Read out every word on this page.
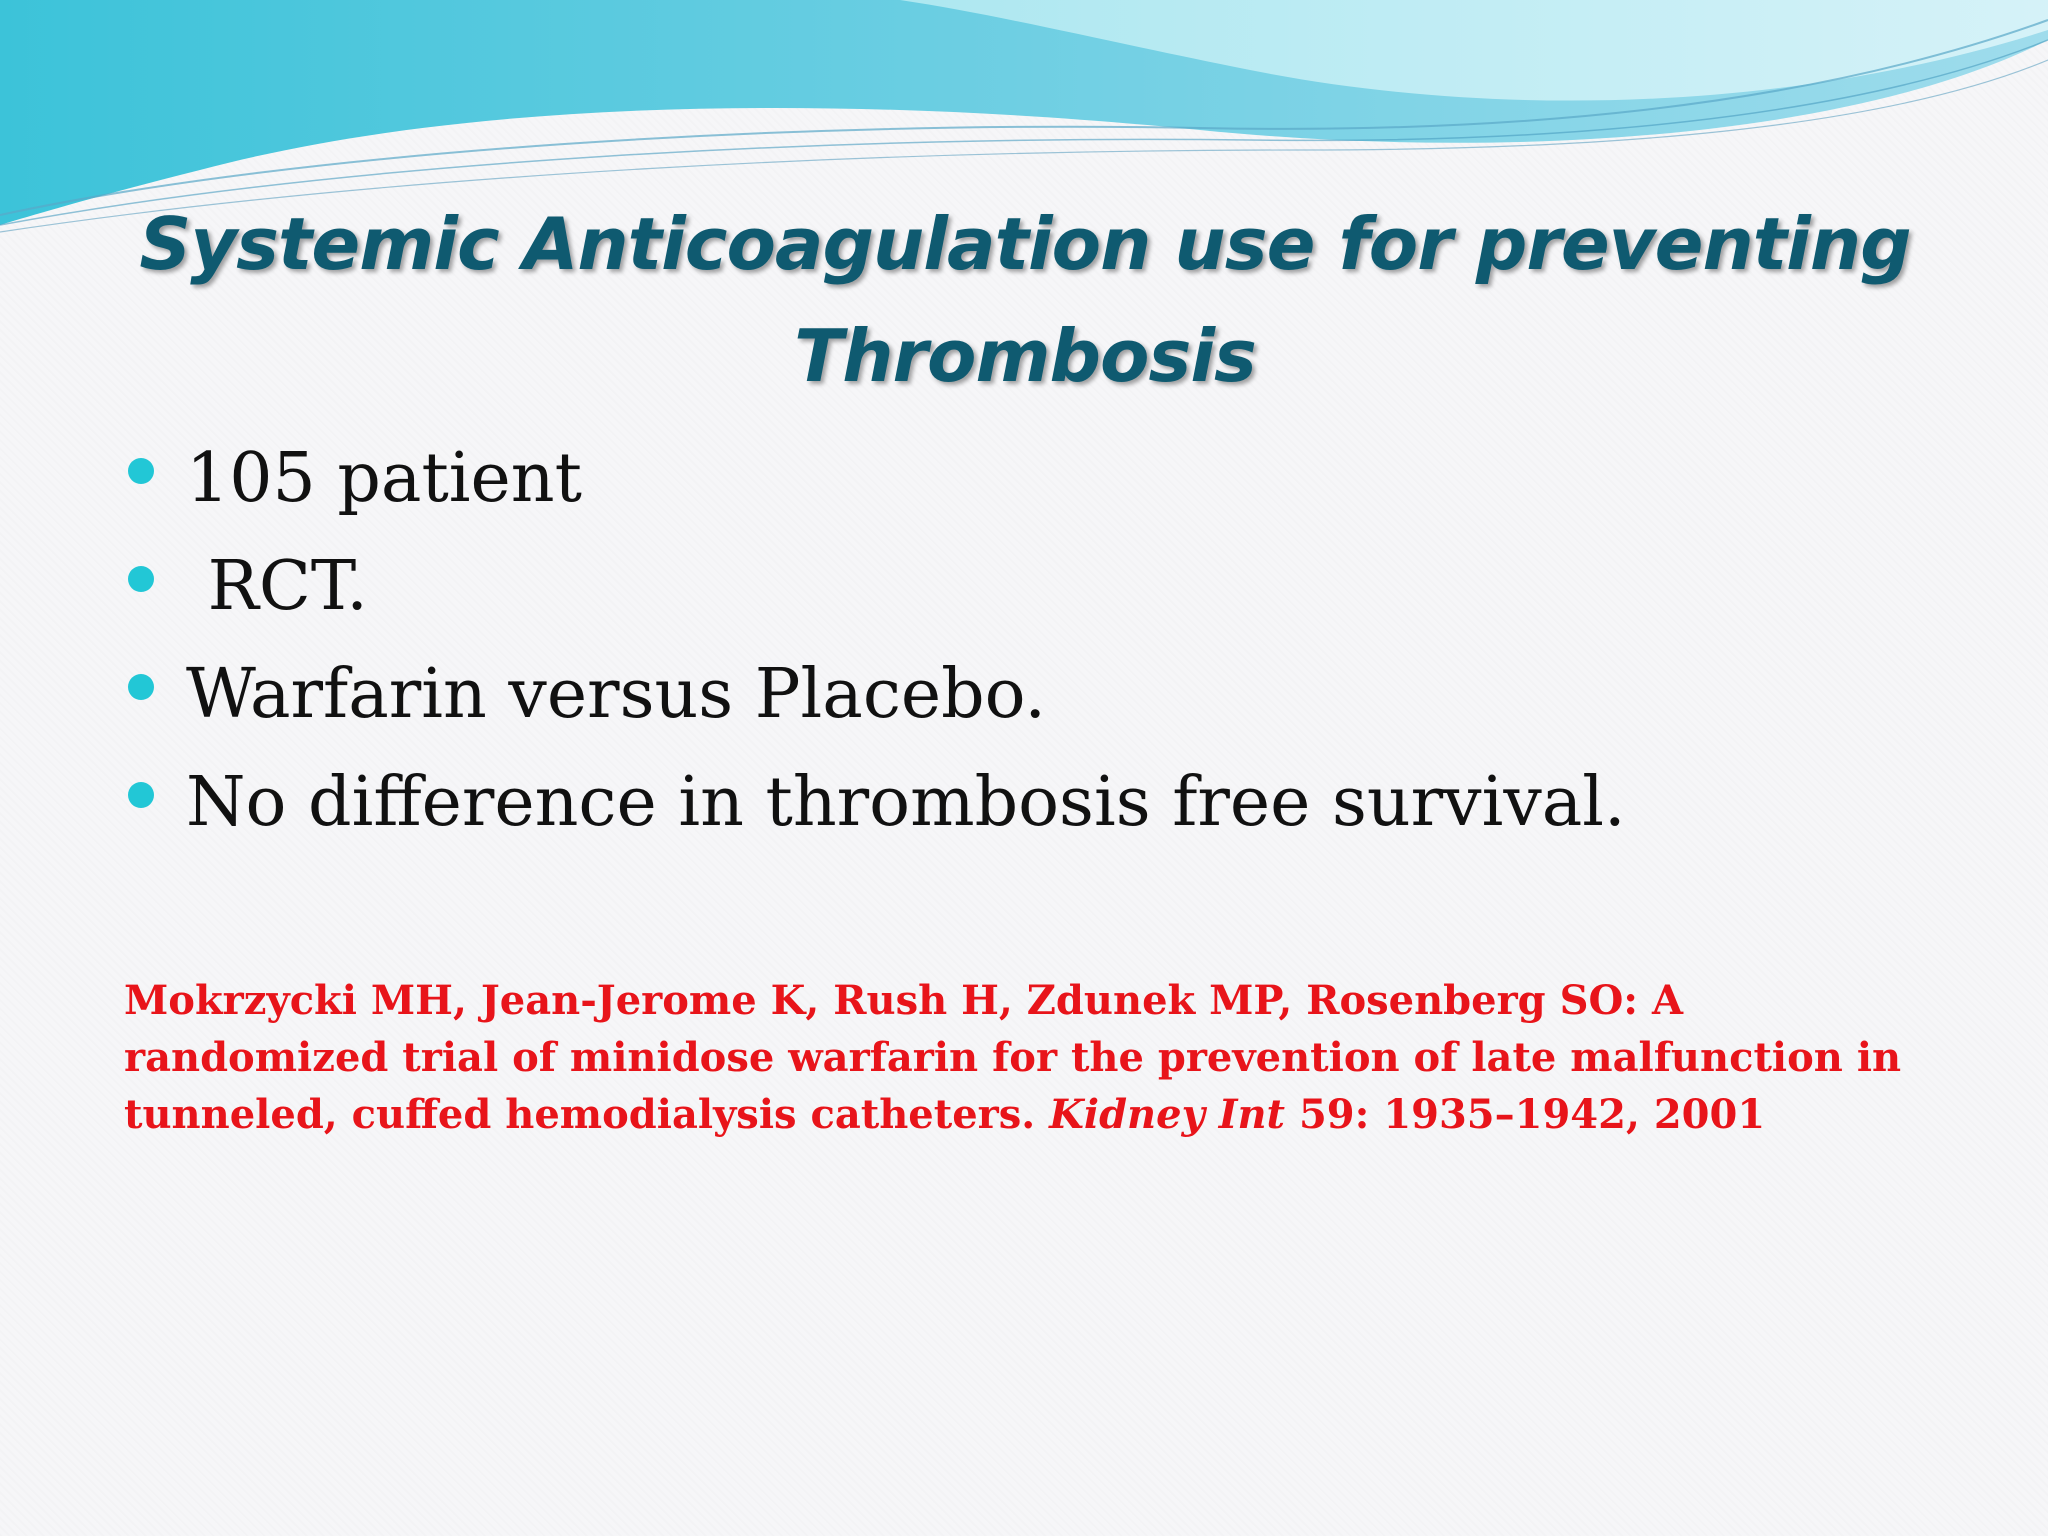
Systemic Anticoagulation use for preventing Thrombosis
105 patient
RCT.
Warfarin versus Placebo.
No difference in thrombosis free survival.
Mokrzycki MH, Jean-Jerome K, Rush H, Zdunek MP, Rosenberg SO: A randomized trial of minidose warfarin for the prevention of late malfunction in tunneled, cuffed hemodialysis catheters. Kidney Int 59: 1935–1942, 2001
